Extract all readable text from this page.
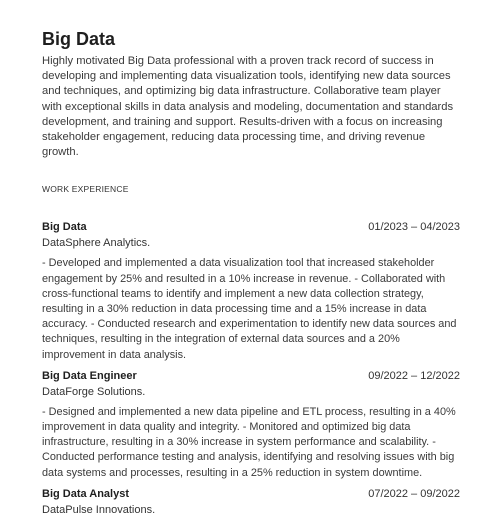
Big Data

Highly motivated Big Data professional with a proven track record of success in developing and implementing data visualization tools, identifying new data sources and techniques, and optimizing big data infrastructure. Collaborative team player with exceptional skills in data analysis and modeling, documentation and standards development, and training and support. Results-driven with a focus on increasing stakeholder engagement, reducing data processing time, and driving revenue growth.

WORK EXPERIENCE
Big Data	01/2023 – 04/2023
DataSphere Analytics.

- Developed and implemented a data visualization tool that increased stakeholder engagement by 25% and resulted in a 10% increase in revenue. - Collaborated with cross-functional teams to identify and implement a new data collection strategy, resulting in a 30% reduction in data processing time and a 15% increase in data accuracy. - Conducted research and experimentation to identify new data sources and techniques, resulting in the integration of external data sources and a 20% improvement in data analysis.

Big Data Engineer	09/2022 – 12/2022
DataForge Solutions.

- Designed and implemented a new data pipeline and ETL process, resulting in a 40% improvement in data quality and integrity. - Monitored and optimized big data infrastructure, resulting in a 30% increase in system performance and scalability. - Conducted performance testing and analysis, identifying and resolving issues with big data systems and processes, resulting in a 25% reduction in system downtime.

Big Data Analyst	07/2022 – 09/2022
DataPulse Innovations.
